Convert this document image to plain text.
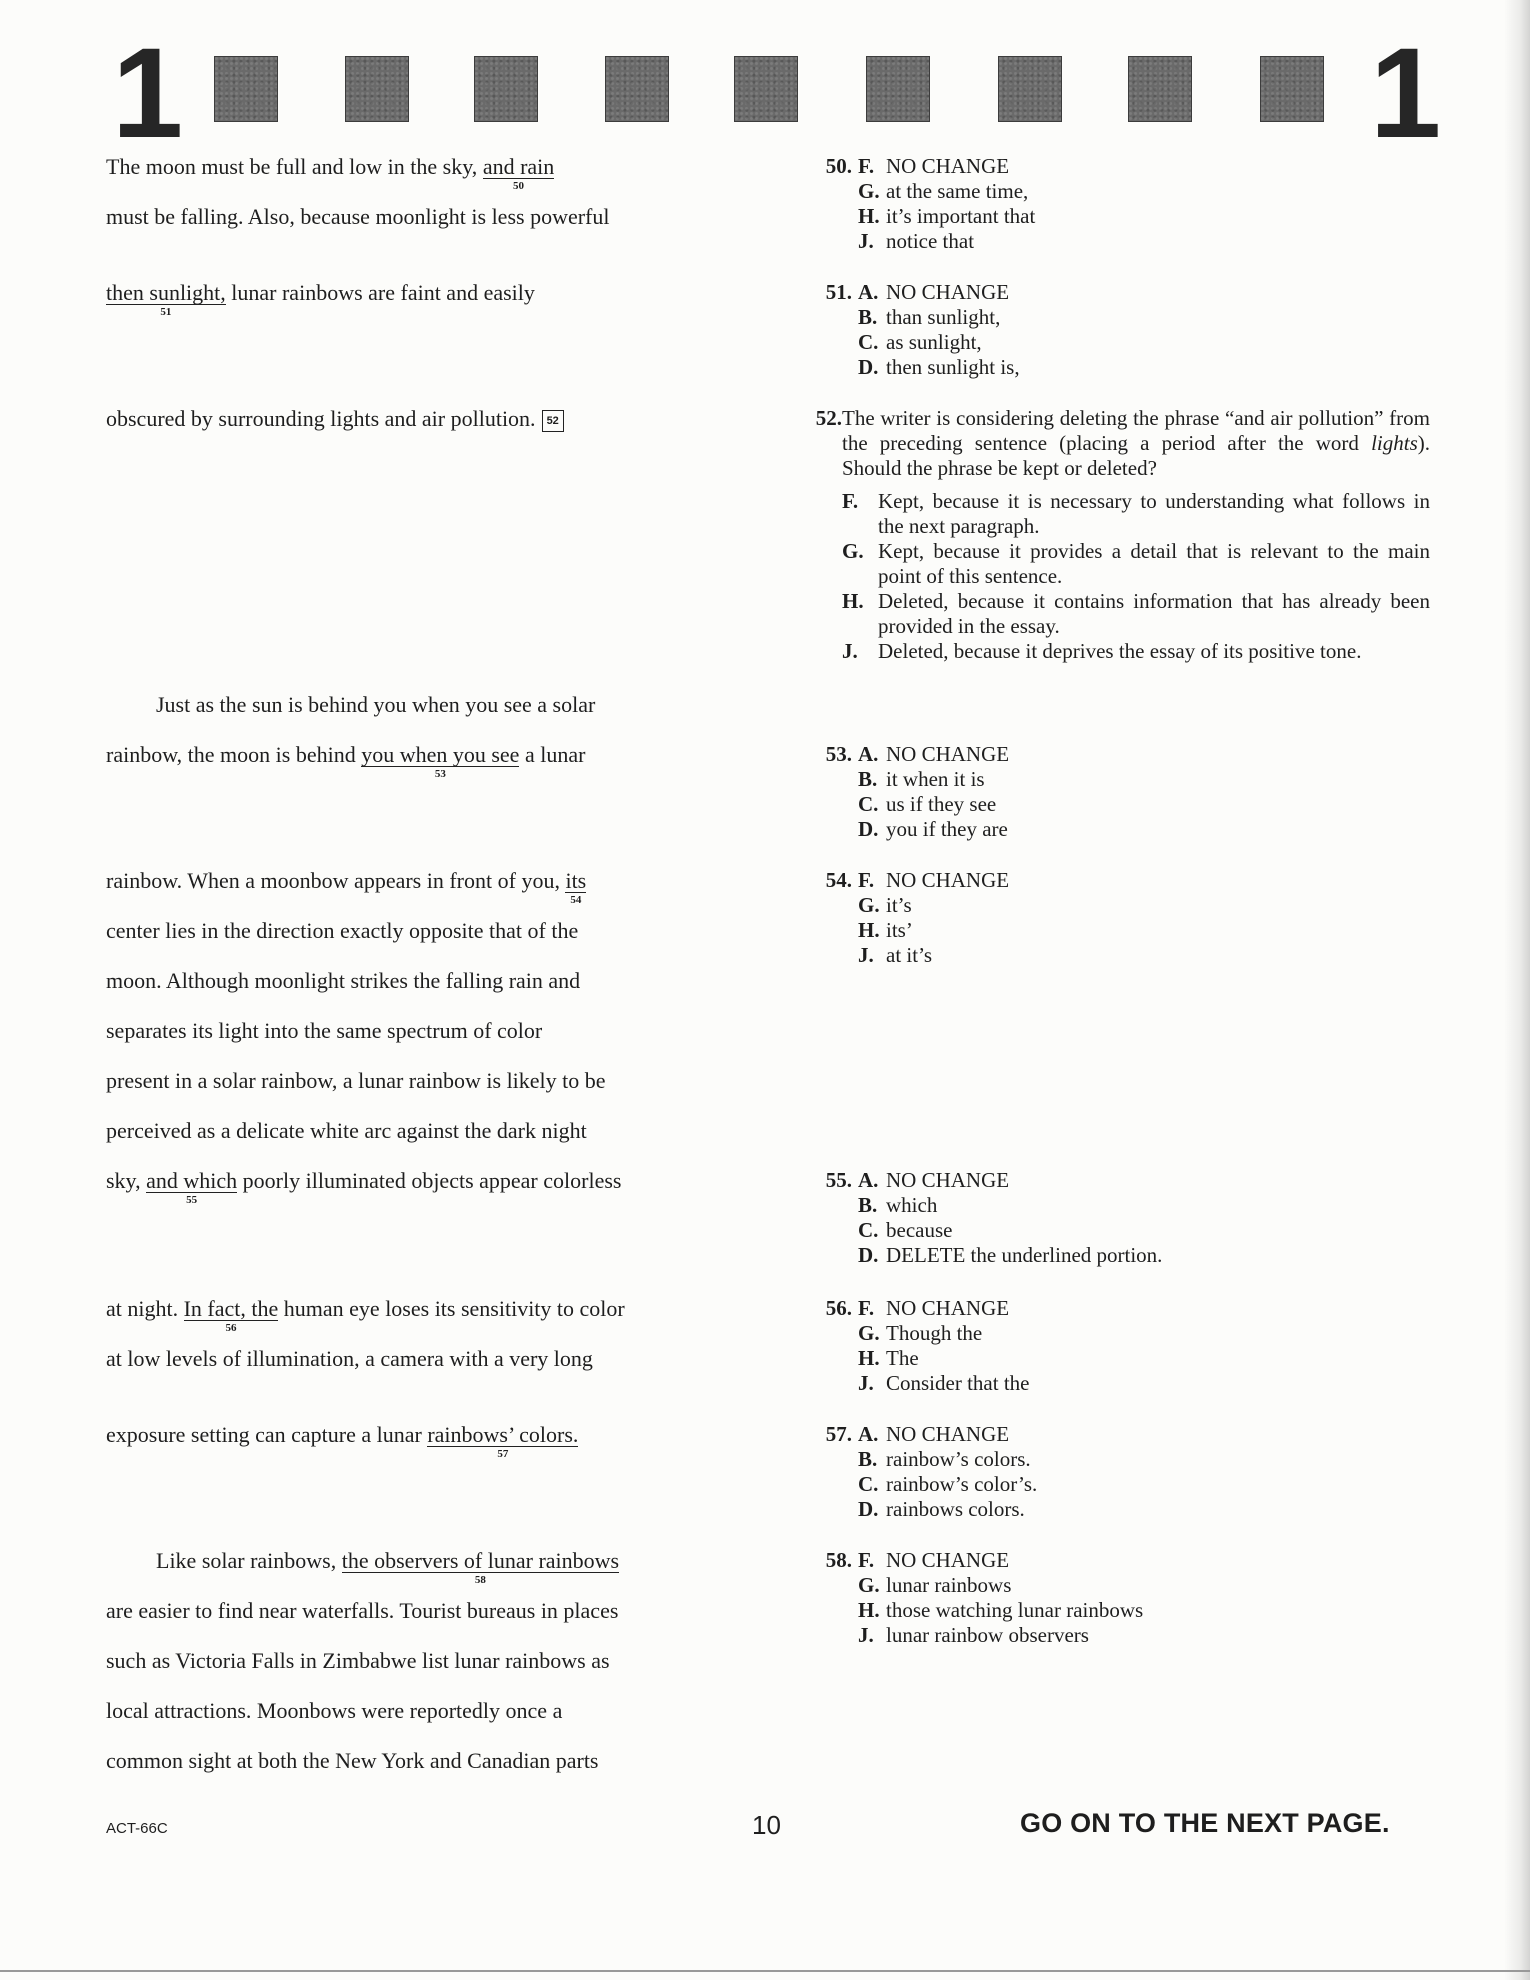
1	1
The moon must be full and low in the sky, and rain
50
must be falling. Also, because moonlight is less powerful
then sunlight,
51
lunar rainbows are faint and easily
obscured by surrounding lights and air pollution. 52
Just as the sun is behind you when you see a solar
rainbow, the moon is behind you when you see
53
a lunar
rainbow. When a moonbow appears in front of you, its
54
center lies in the direction exactly opposite that of the
moon. Although moonlight strikes the falling rain and
separates its light into the same spectrum of color
present in a solar rainbow, a lunar rainbow is likely to be
perceived as a delicate white arc against the dark night
sky, and which
55
poorly illuminated objects appear colorless
at night. In fact, the
56
human eye loses its sensitivity to color
at low levels of illumination, a camera with a very long
exposure setting can capture a lunar rainbows’ colors.
57
Like solar rainbows, the observers of lunar rainbows
58
are easier to find near waterfalls. Tourist bureaus in places
such as Victoria Falls in Zimbabwe list lunar rainbows as
local attractions. Moonbows were reportedly once a
common sight at both the New York and Canadian parts
50. F. NO CHANGE
G. at the same time,
H. it’s important that
J. notice that
51. A. NO CHANGE
B. than sunlight,
C. as sunlight,
D. then sunlight is,
52. The writer is considering deleting the phrase “and air pollution” from the preceding sentence (placing a period after the word lights). Should the phrase be kept or deleted?
F. Kept, because it is necessary to understanding what follows in the next paragraph.
G. Kept, because it provides a detail that is relevant to the main point of this sentence.
H. Deleted, because it contains information that has already been provided in the essay.
J. Deleted, because it deprives the essay of its positive tone.
53. A. NO CHANGE
B. it when it is
C. us if they see
D. you if they are
54. F. NO CHANGE
G. it’s
H. its’
J. at it’s
55. A. NO CHANGE
B. which
C. because
D. DELETE the underlined portion.
56. F. NO CHANGE
G. Though the
H. The
J. Consider that the
57. A. NO CHANGE
B. rainbow’s colors.
C. rainbow’s color’s.
D. rainbows colors.
58. F. NO CHANGE
G. lunar rainbows
H. those watching lunar rainbows
J. lunar rainbow observers
ACT-66C	10	GO ON TO THE NEXT PAGE.
